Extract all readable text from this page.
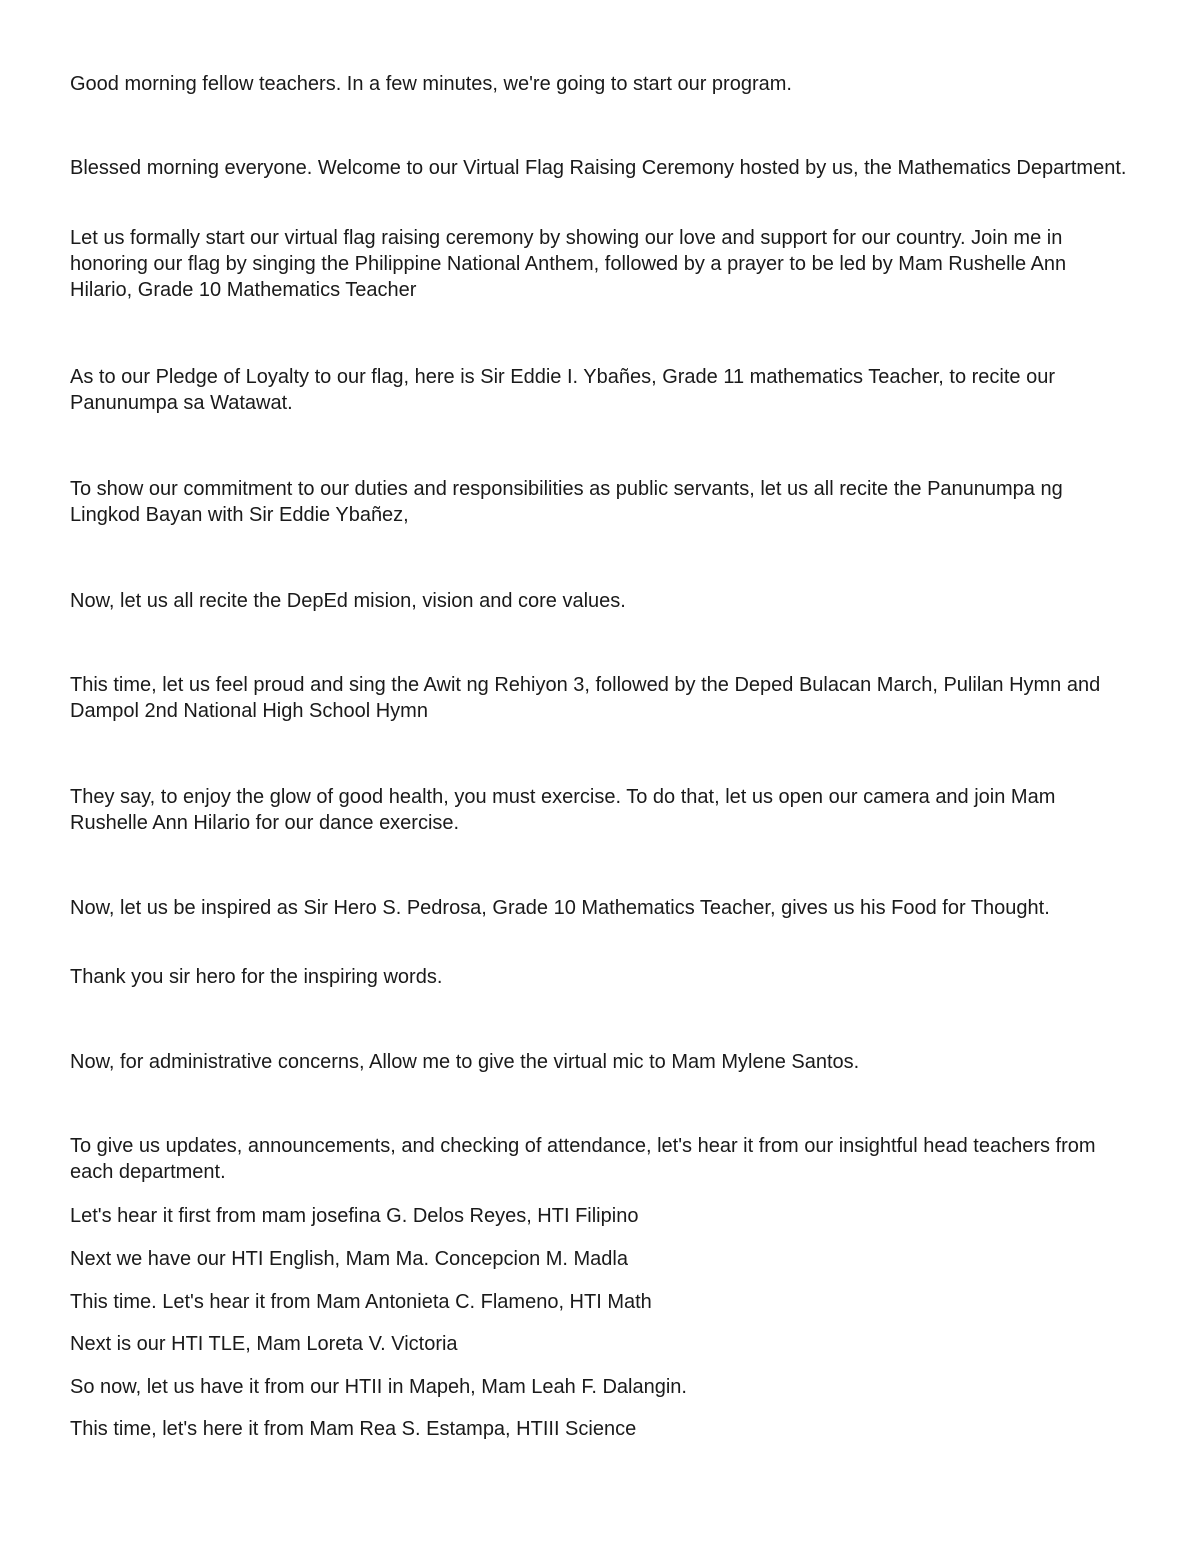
Good morning fellow teachers. In a few minutes, we're going to start our program.

Blessed morning everyone. Welcome to our Virtual Flag Raising Ceremony hosted by us, the Mathematics Department.

Let us formally start our virtual flag raising ceremony by showing our love and support for our country. Join me in honoring our flag by singing the Philippine National Anthem, followed by a prayer to be led by Mam Rushelle Ann Hilario, Grade 10 Mathematics Teacher

As to our Pledge of Loyalty to our flag, here is Sir Eddie I. Ybañes, Grade 11 mathematics Teacher, to recite our Panunumpa sa Watawat.

To show our commitment to our duties and responsibilities as public servants, let us all recite the Panunumpa ng Lingkod Bayan with Sir Eddie Ybañez,

Now, let us all recite the DepEd mision, vision and core values.

This time, let us feel proud and sing the Awit ng Rehiyon 3, followed by the Deped Bulacan March, Pulilan Hymn and Dampol 2nd National High School Hymn

They say, to enjoy the glow of good health, you must exercise. To do that, let us open our camera and join Mam Rushelle Ann Hilario for our dance exercise.

Now, let us be inspired as Sir Hero S. Pedrosa, Grade 10 Mathematics Teacher, gives us his Food for Thought.

Thank you sir hero for the inspiring words.

Now, for administrative concerns, Allow me to give the virtual mic to Mam Mylene Santos.

To give us updates, announcements, and checking of attendance, let's hear it from our insightful head teachers from each department.

Let's hear it first from mam josefina G. Delos Reyes, HTI Filipino

Next we have our HTI English, Mam Ma. Concepcion M. Madla

This time. Let's hear it from Mam Antonieta C. Flameno, HTI Math

Next is our HTI TLE, Mam Loreta V. Victoria

So now, let us have it from our HTII in Mapeh, Mam Leah F. Dalangin.

This time, let's here it from Mam Rea S. Estampa, HTIII Science
